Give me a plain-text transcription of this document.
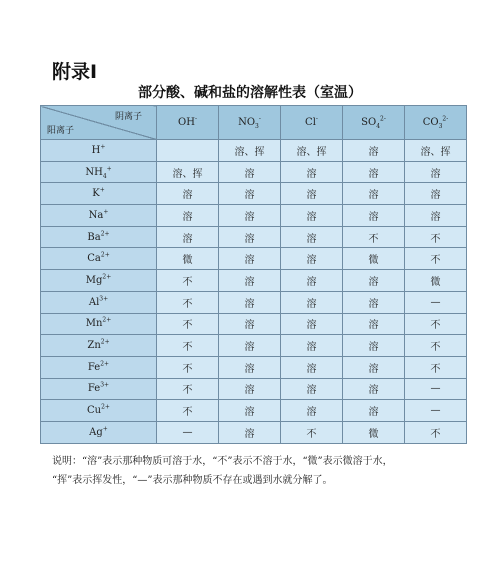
附录Ⅰ
部分酸、碱和盐的溶解性表（室温）
阴离子
阳离子	OH-	$NO_3^-$	Cl-	$SO_4^{2-}$	$CO_3^{2-}$
H+		溶、挥	溶、挥	溶	溶、挥
$NH_4^+$	溶、挥	溶	溶	溶	溶
K+	溶	溶	溶	溶	溶
Na+	溶	溶	溶	溶	溶
$Ba^{2+}$	溶	溶	溶	不	不
$Ca^{2+}$	微	溶	溶	微	不
$Mg^{2+}$	不	溶	溶	溶	微
$Al^{3+}$	不	溶	溶	溶	—
$Mn^{2+}$	不	溶	溶	溶	不
$Zn^{2+}$	不	溶	溶	溶	不
$Fe^{2+}$	不	溶	溶	溶	不
$Fe^{3+}$	不	溶	溶	溶	—
$Cu^{2+}$	不	溶	溶	溶	—
Ag+	—	溶	不	微	不
说明：“溶”表示那种物质可溶于水，“不”表示不溶于水，“微”表示微溶于水，
“挥”表示挥发性，“—”表示那种物质不存在或遇到水就分解了。
